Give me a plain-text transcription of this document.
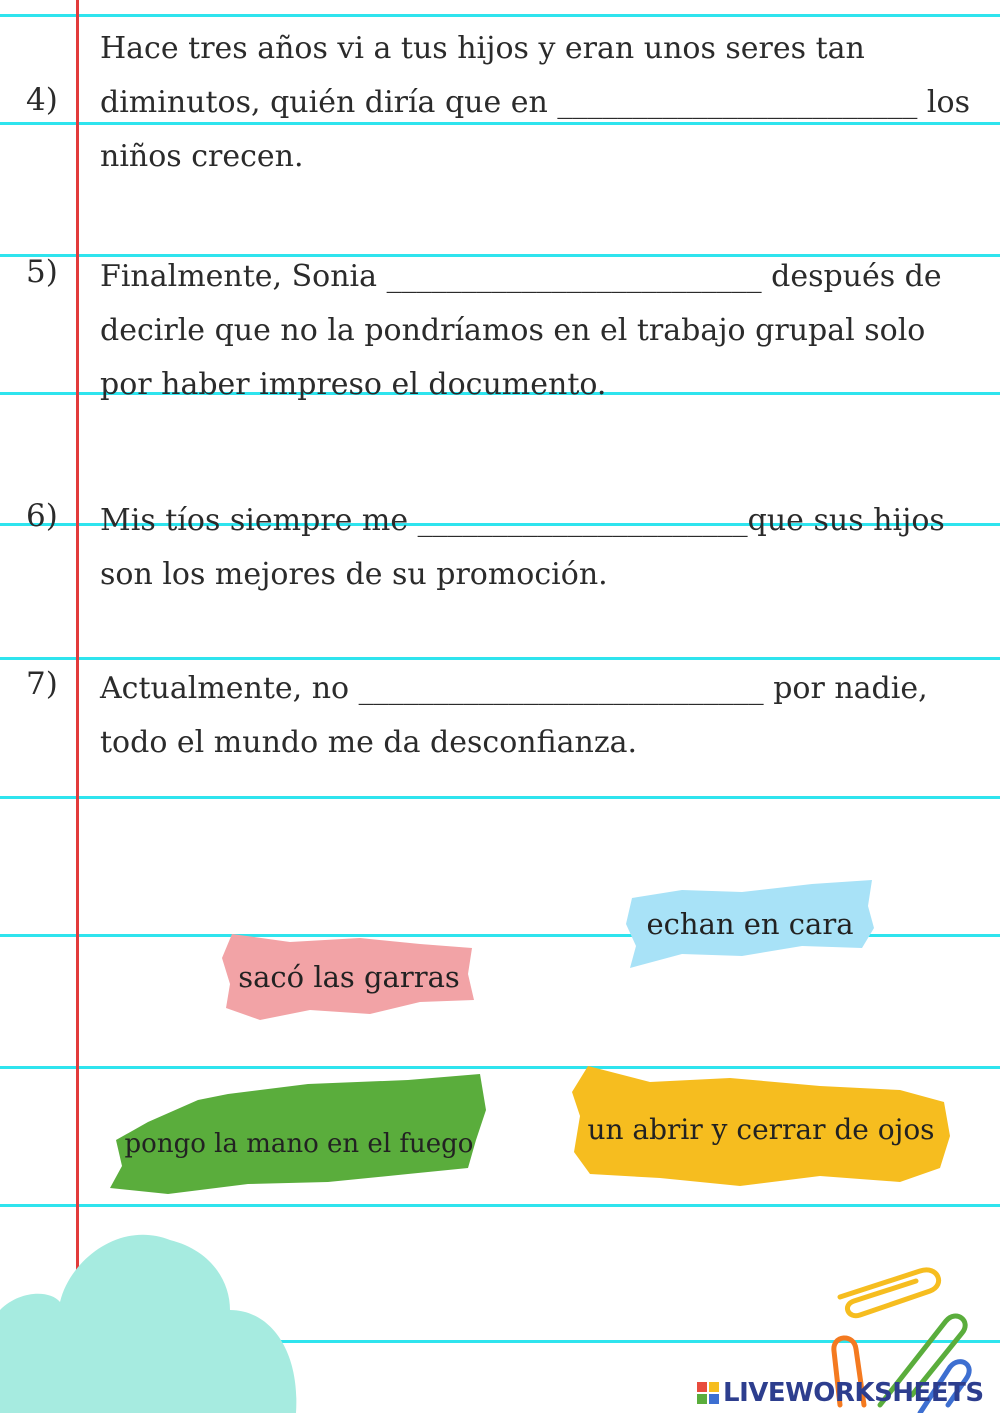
4)
Hace tres años vi a tus hijos y eran unos seres tan diminutos, quién diría que en ________________________ los niños crecen.
5) Finalmente, Sonia _________________________ después de decirle que no la pondríamos en el trabajo grupal solo por haber impreso el documento.
6) Mis tíos siempre me ______________________que sus hijos son los mejores de su promoción.
7) Actualmente, no ___________________________ por nadie, todo el mundo me da desconfianza.
echan en cara
sacó las garras
pongo la mano en el fuego	un abrir y cerrar de ojos
LIVEWORKSHEETS
